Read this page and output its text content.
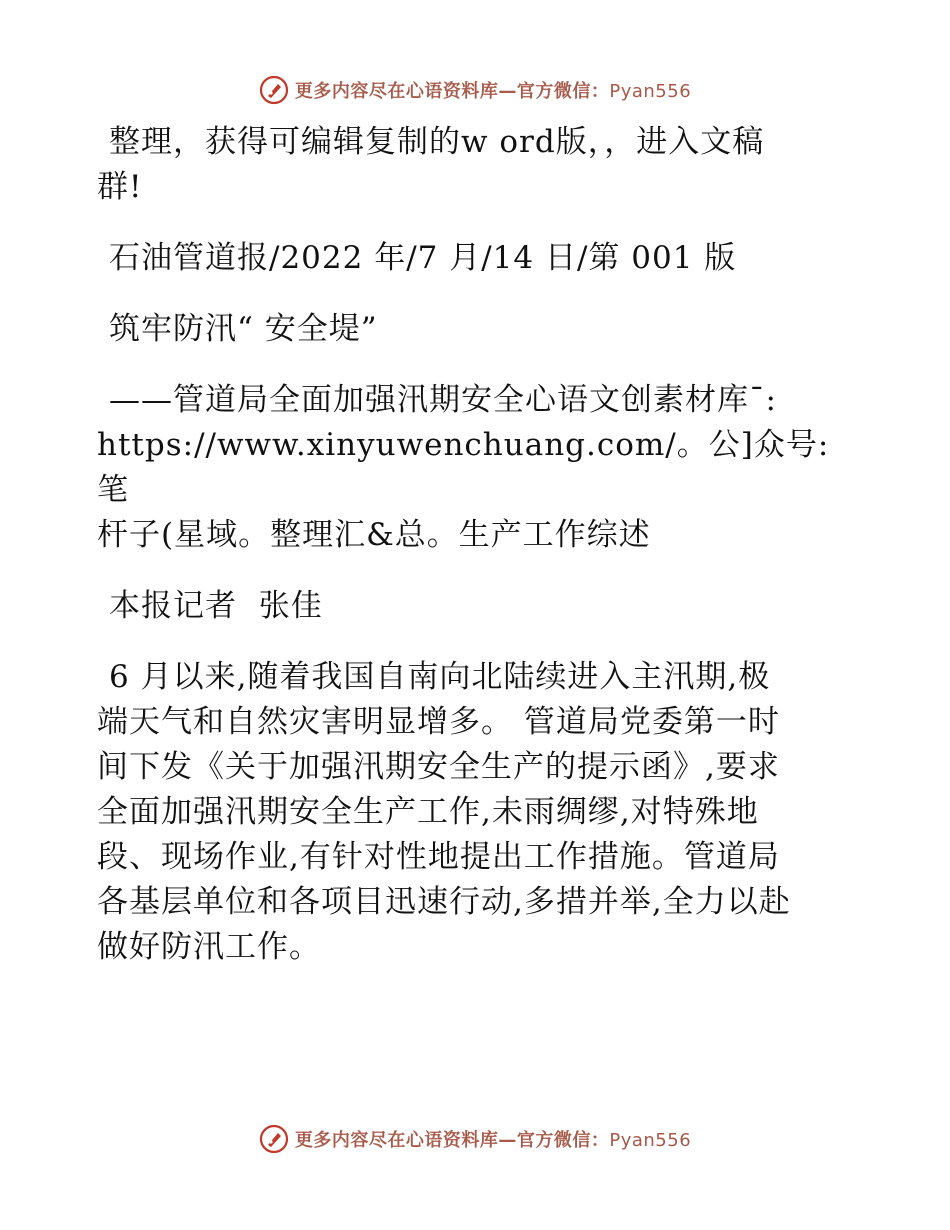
更多内容尽在心语资料库—官方微信：Pyan556

整理，获得可编辑复制的w ord版，，进入文稿

群!

石油管道报/2022 年/7 月/14 日/第 001 版

筑牢防汛“ 安全堤”

——管道局全面加强汛期安全心语文创素材库¯:

https://www.xinyuwenchuang.com/。公]众号: 笔

杆子(星域。整理汇&总。生产工作综述

本报记者  张佳

6 月以来,随着我国自南向北陆续进入主汛期,极

端天气和自然灾害明显增多。 管道局党委第一时

间下发《关于加强汛期安全生产的提示函》,要求

全面加强汛期安全生产工作,未雨绸缪,对特殊地

段、现场作业,有针对性地提出工作措施。管道局

各基层单位和各项目迅速行动,多措并举,全力以赴

做好防汛工作。

更多内容尽在心语资料库—官方微信：Pyan556
